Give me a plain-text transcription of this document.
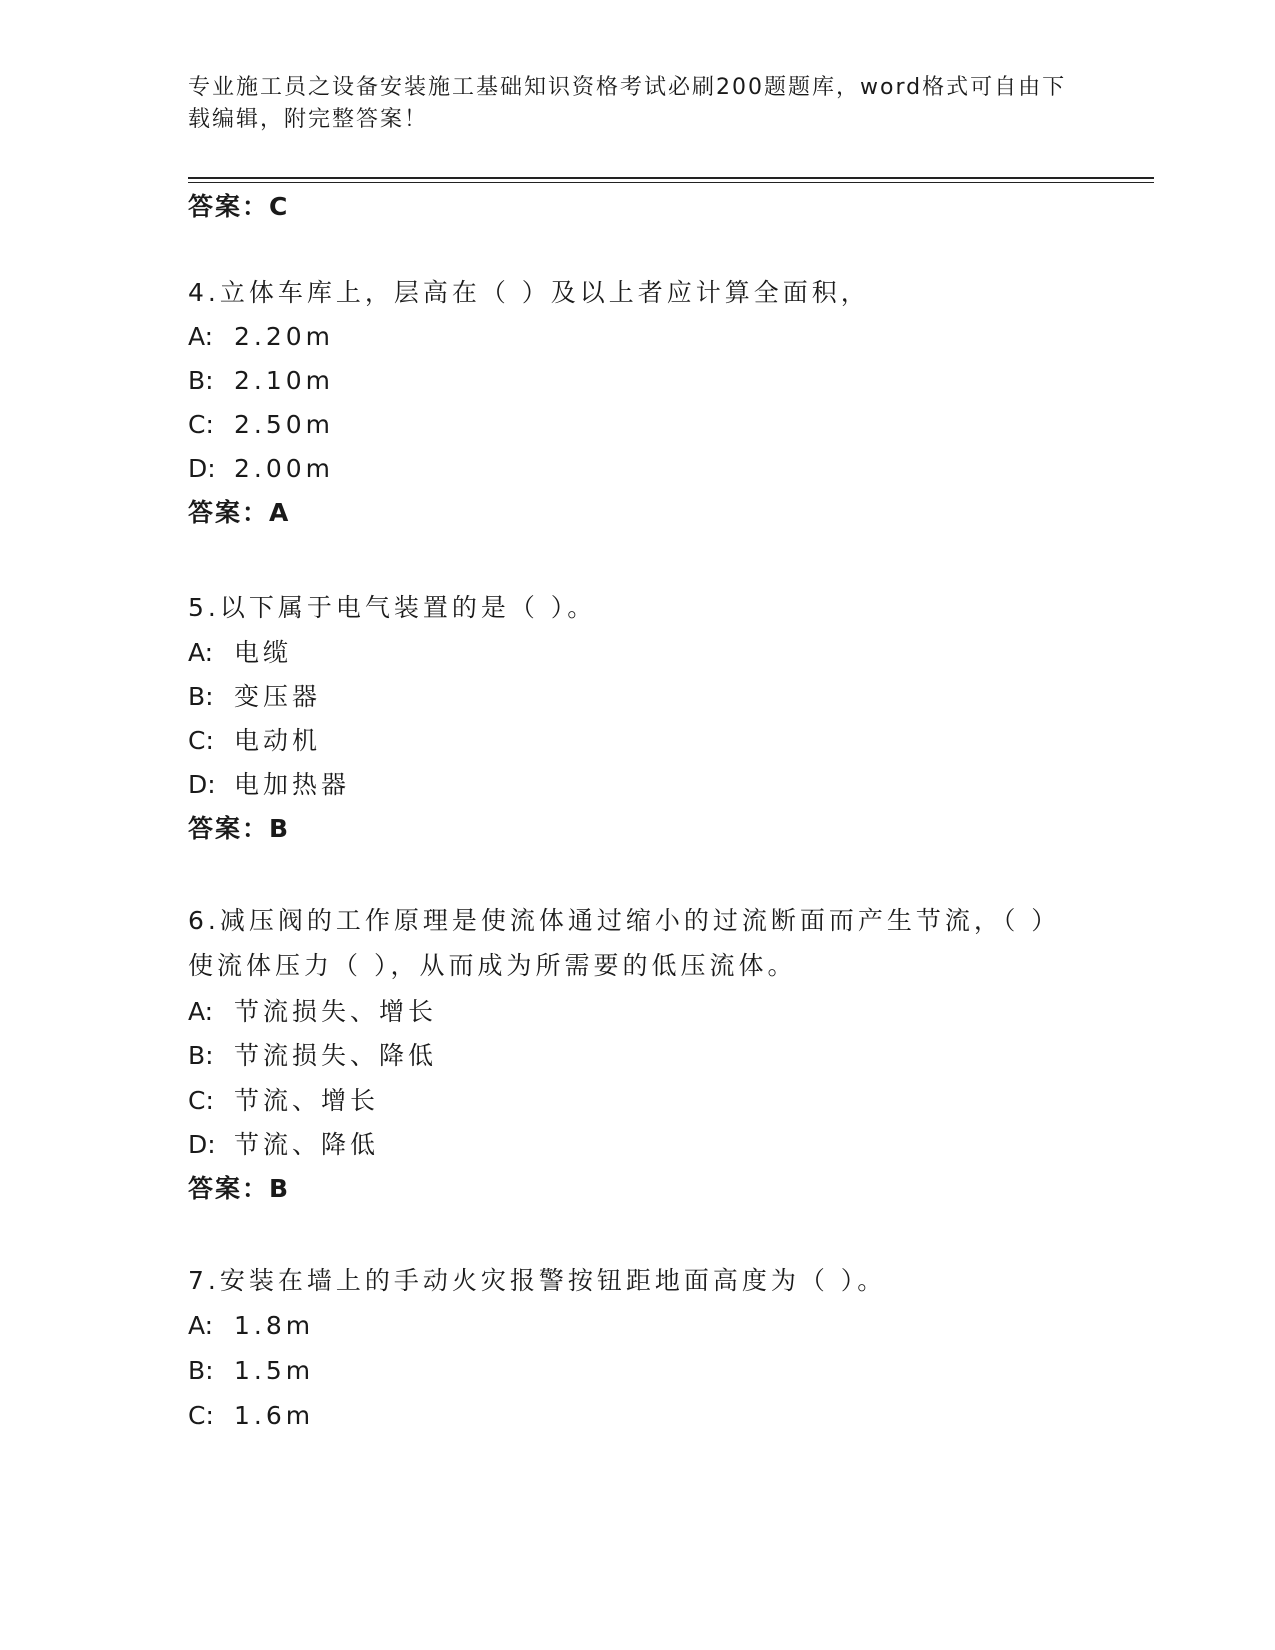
专业施工员之设备安装施工基础知识资格考试必刷200题题库，word格式可自由下载编辑，附完整答案！
答案：C
4.立体车库上，层高在（ ）及以上者应计算全面积，
A: 2.20m
B: 2.10m
C: 2.50m
D: 2.00m
答案：A
5.以下属于电气装置的是（ ）。
A: 电缆
B: 变压器
C: 电动机
D: 电加热器
答案：B
6.减压阀的工作原理是使流体通过缩小的过流断面而产生节流，（ ）使流体压力（ ），从而成为所需要的低压流体。
A: 节流损失、增长
B: 节流损失、降低
C: 节流、增长
D: 节流、降低
答案：B
7.安装在墙上的手动火灾报警按钮距地面高度为（ ）。
A: 1.8m
B: 1.5m
C: 1.6m
